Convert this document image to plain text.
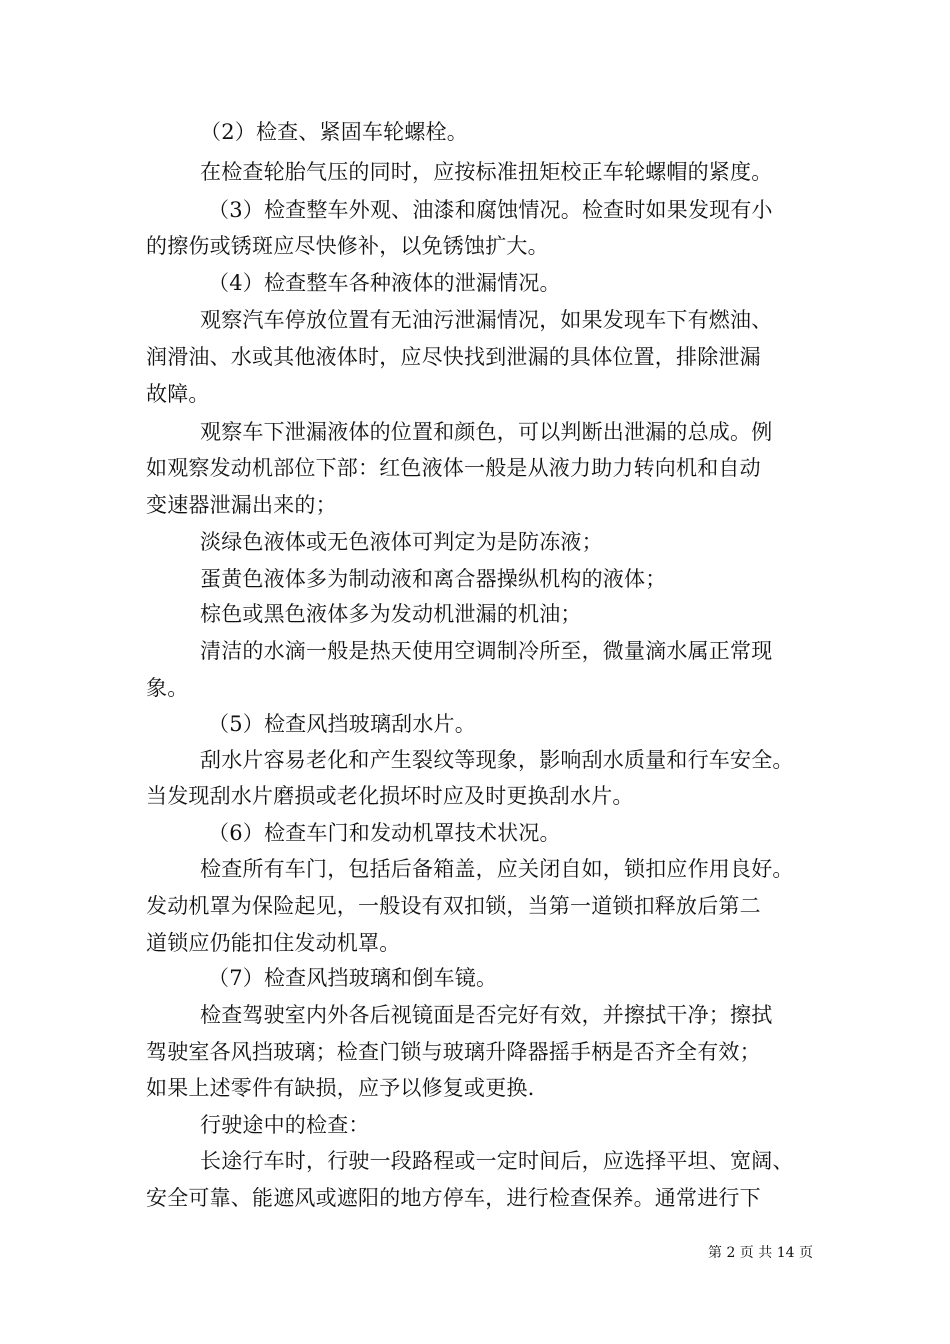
（2）检查、紧固车轮螺栓。
在检查轮胎气压的同时，应按标准扭矩校正车轮螺帽的紧度。
（3）检查整车外观、油漆和腐蚀情况。检查时如果发现有小
的擦伤或锈斑应尽快修补，以免锈蚀扩大。
（4）检查整车各种液体的泄漏情况。
观察汽车停放位置有无油污泄漏情况，如果发现车下有燃油、
润滑油、水或其他液体时，应尽快找到泄漏的具体位置，排除泄漏
故障。
观察车下泄漏液体的位置和颜色，可以判断出泄漏的总成。例
如观察发动机部位下部：红色液体一般是从液力助力转向机和自动
变速器泄漏出来的；
淡绿色液体或无色液体可判定为是防冻液；
蛋黄色液体多为制动液和离合器操纵机构的液体；
棕色或黑色液体多为发动机泄漏的机油；
清洁的水滴一般是热天使用空调制冷所至，微量滴水属正常现
象。
（5）检查风挡玻璃刮水片。
刮水片容易老化和产生裂纹等现象，影响刮水质量和行车安全。
当发现刮水片磨损或老化损坏时应及时更换刮水片。
（6）检查车门和发动机罩技术状况。
检查所有车门，包括后备箱盖，应关闭自如，锁扣应作用良好。
发动机罩为保险起见，一般设有双扣锁，当第一道锁扣释放后第二
道锁应仍能扣住发动机罩。
（7）检查风挡玻璃和倒车镜。
检查驾驶室内外各后视镜面是否完好有效，并擦拭干净；擦拭
驾驶室各风挡玻璃；检查门锁与玻璃升降器摇手柄是否齐全有效；
如果上述零件有缺损，应予以修复或更换.
行驶途中的检查：
长途行车时，行驶一段路程或一定时间后，应选择平坦、宽阔、
安全可靠、能遮风或遮阳的地方停车，进行检查保养。通常进行下
第 2 页 共 14 页
